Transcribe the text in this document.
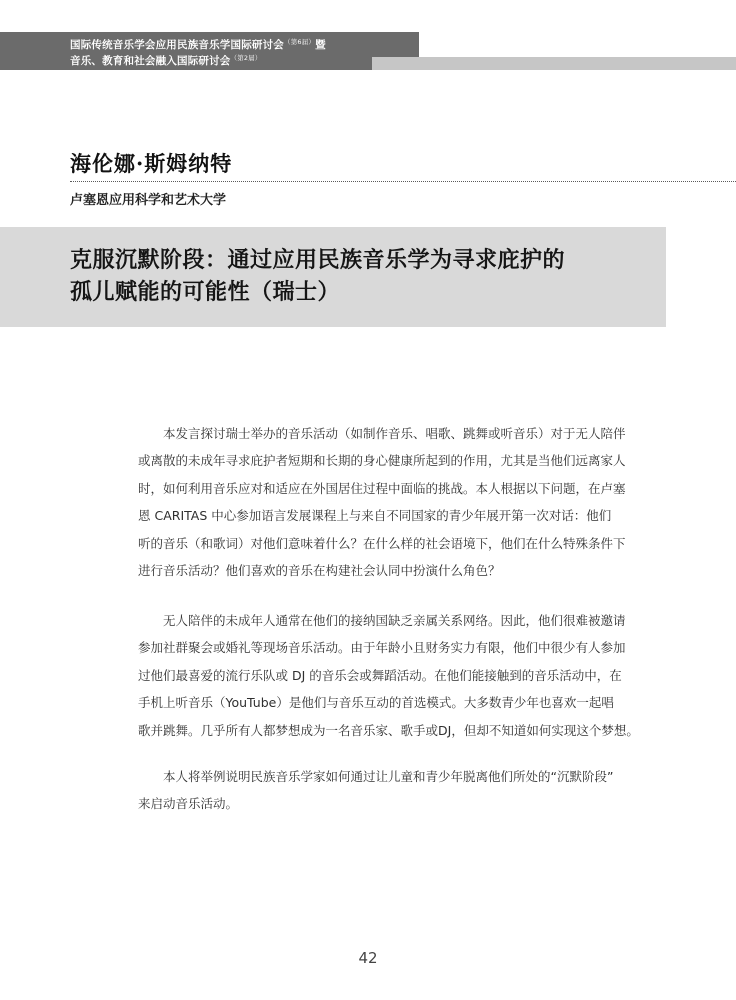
国际传统音乐学会应用民族音乐学国际研讨会$^{(第6届)}$暨
音乐、教育和社会融入国际研讨会$^{(第2届)}$
海伦娜·斯姆纳特
卢塞恩应用科学和艺术大学
克服沉默阶段：通过应用民族音乐学为寻求庇护的
孤儿赋能的可能性（瑞士）
本发言探讨瑞士举办的音乐活动（如制作音乐、唱歌、跳舞或听音乐）对于无人陪伴
或离散的未成年寻求庇护者短期和长期的身心健康所起到的作用，尤其是当他们远离家人
时，如何利用音乐应对和适应在外国居住过程中面临的挑战。本人根据以下问题，在卢塞
恩 CARITAS 中心参加语言发展课程上与来自不同国家的青少年展开第一次对话：他们
听的音乐（和歌词）对他们意味着什么？在什么样的社会语境下，他们在什么特殊条件下
进行音乐活动？他们喜欢的音乐在构建社会认同中扮演什么角色？
无人陪伴的未成年人通常在他们的接纳国缺乏亲属关系网络。因此，他们很难被邀请
参加社群聚会或婚礼等现场音乐活动。由于年龄小且财务实力有限，他们中很少有人参加
过他们最喜爱的流行乐队或 DJ 的音乐会或舞蹈活动。在他们能接触到的音乐活动中，在
手机上听音乐（YouTube）是他们与音乐互动的首选模式。大多数青少年也喜欢一起唱
歌并跳舞。几乎所有人都梦想成为一名音乐家、歌手或DJ，但却不知道如何实现这个梦想。
本人将举例说明民族音乐学家如何通过让儿童和青少年脱离他们所处的“沉默阶段”
来启动音乐活动。
42
